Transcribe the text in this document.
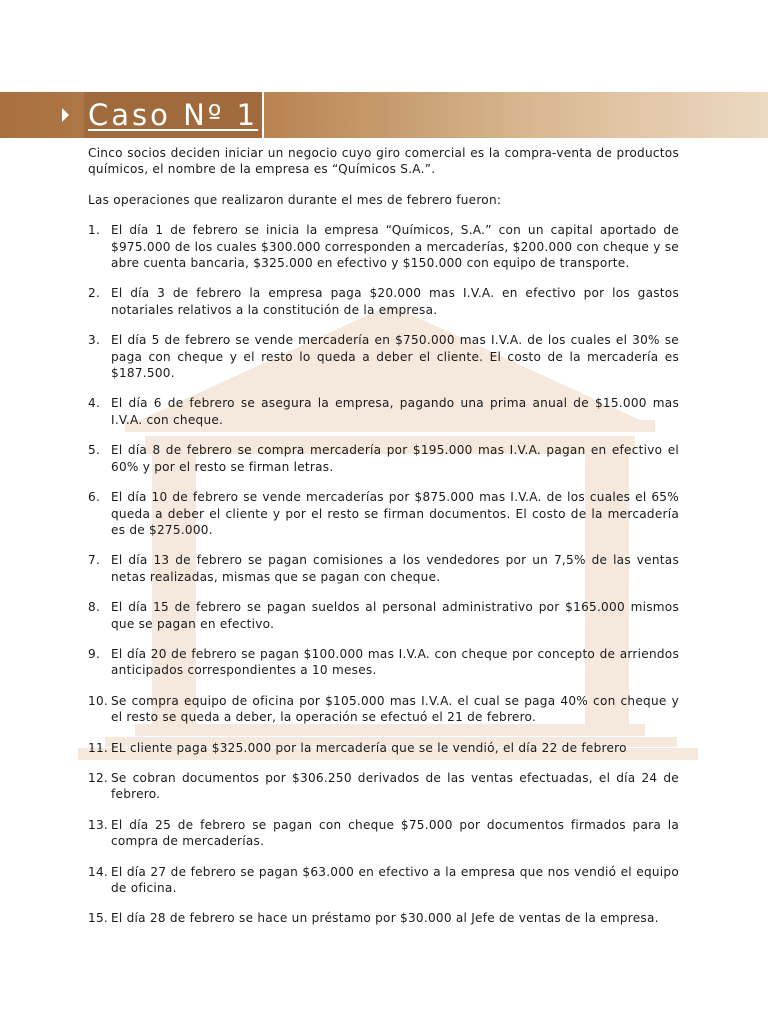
Caso Nº 1

Cinco socios deciden iniciar un negocio cuyo giro comercial es la compra-venta de productos químicos, el nombre de la empresa es “Químicos S.A.”.

Las operaciones que realizaron durante el mes de febrero fueron:

1. El día 1 de febrero se inicia la empresa “Químicos, S.A.” con un capital aportado de $975.000 de los cuales $300.000 corresponden a mercaderías, $200.000 con cheque y se abre cuenta bancaria, $325.000 en efectivo y $150.000 con equipo de transporte.
2. El día 3 de febrero la empresa paga $20.000 mas I.V.A. en efectivo por los gastos notariales relativos a la constitución de la empresa.
3. El día 5 de febrero se vende mercadería en $750.000 mas I.V.A. de los cuales el 30% se paga con cheque y el resto lo queda a deber el cliente. El costo de la mercadería es $187.500.
4. El día 6 de febrero se asegura la empresa, pagando una prima anual de $15.000 mas I.V.A. con cheque.
5. El día 8 de febrero se compra mercadería por $195.000 mas I.V.A. pagan en efectivo el 60% y por el resto se firman letras.
6. El día 10 de febrero se vende mercaderías por $875.000 mas I.V.A. de los cuales el 65% queda a deber el cliente y por el resto se firman documentos. El costo de la mercadería es de $275.000.
7. El día 13 de febrero se pagan comisiones a los vendedores por un 7,5% de las ventas netas realizadas, mismas que se pagan con cheque.
8. El día 15 de febrero se pagan sueldos al personal administrativo por $165.000 mismos que se pagan en efectivo.
9. El día 20 de febrero se pagan $100.000 mas I.V.A. con cheque por concepto de arriendos anticipados correspondientes a 10 meses.
10. Se compra equipo de oficina por $105.000 mas I.V.A. el cual se paga 40% con cheque y el resto se queda a deber, la operación se efectuó el 21 de febrero.
11. EL cliente paga $325.000 por la mercadería que se le vendió, el día 22 de febrero
12. Se cobran documentos por $306.250 derivados de las ventas efectuadas, el día 24 de febrero.
13. El día 25 de febrero se pagan con cheque $75.000 por documentos firmados para la compra de mercaderías.
14. El día 27 de febrero se pagan $63.000 en efectivo a la empresa que nos vendió el equipo de oficina.
15. El día 28 de febrero se hace un préstamo por $30.000 al Jefe de ventas de la empresa.
